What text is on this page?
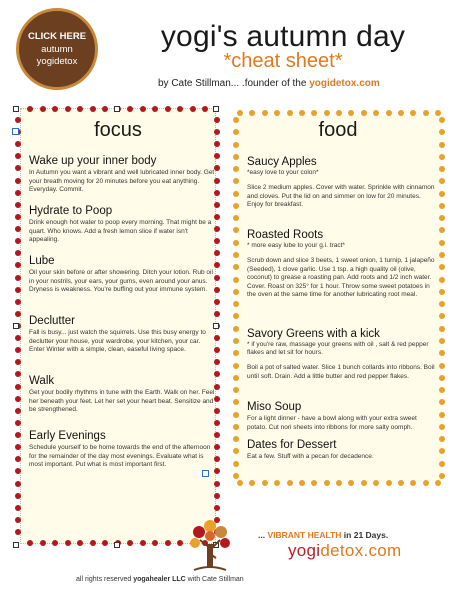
CLICK HERE
autumn
yogidetox
yogi's autumn day
*cheat sheet*
by Cate Stillman... .founder of the yogidetox.com
focus
Wake up your inner body
In Autumn you want a vibrant and well lubricated inner body. Get your breath moving for 20 minutes before you eat anything. Everyday. Commit.
Hydrate to Poop
Drink enough hot water to poop every morning. That might be a quart. Who knows. Add a fresh lemon slice if water isn't appealing.
Lube
Oil your skin before or after showering. Ditch your lotion. Rub oil in your nostrils, your ears, your gums, even around your anus. Dryness is weakness. You're buffing out your immune system.
Declutter
Fall is busy... just watch the squirrels. Use this busy energy to declutter your house, your wardrobe, your kitchen, your car. Enter Winter with a simple, clean, easeful living space.
Walk
Get your bodily rhythms in tune with the Earth. Walk on her. Feel her beneath your feet. Let her set your heart beat. Sensitize and be strengthened.
Early Evenings
Schedule yourself to be home towards the end of the afternoon for the remainder of the day most evenings. Evaluate what is most important. Put what is most important first.
food
Saucy Apples
*easy love to your colon*
Slice 2 medium apples. Cover with water. Sprinkle with cinnamon and cloves. Put the lid on and simmer on low for 20 minutes. Enjoy for breakfast.
Roasted Roots
* more easy lube to your g.i. tract*
Scrub down and slice 3 beets, 1 sweet onion, 1 turnip, 1 jalapeño (Seeded), 1 clove garlic. Use 1 tsp. a high quality oil (olive, coconut) to grease a roasting pan. Add roots and 1/2 inch water. Cover. Roast on 325° for 1 hour. Throw some sweet potatoes in the oven at the same time for another lubricating root meal.
Savory Greens with a kick
* if you're raw, massage your greens with oil , salt & red pepper flakes and let sit for hours.
Boil a pot of salted water. Slice 1 bunch collards into ribbons. Boil until soft. Drain. Add a little butter and red pepper flakes.
Miso Soup
For a light dinner - have a bowl along with your extra sweet potato. Cut nori sheets into ribbons for more salty oomph.
Dates for Dessert
Eat a few. Stuff with a pecan for decadence.
... VIBRANT HEALTH in 21 Days.
yogidetox.com
all rights reserved yogahealer LLC with Cate Stillman
